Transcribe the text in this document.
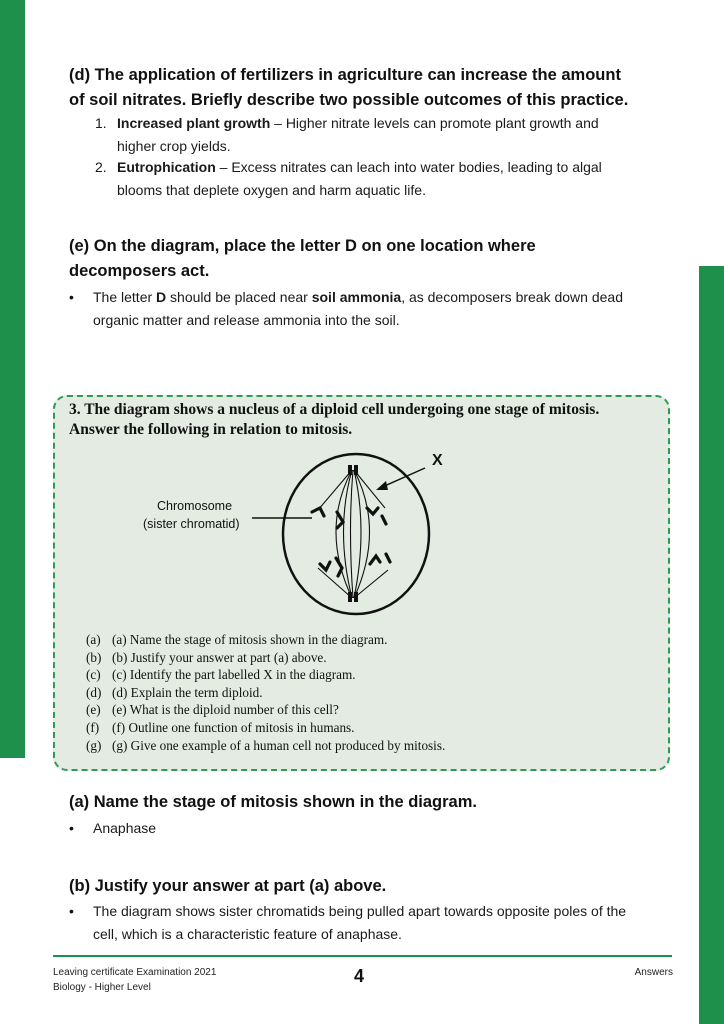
(d) The application of fertilizers in agriculture can increase the amount
of soil nitrates. Briefly describe two possible outcomes of this practice.
1. Increased plant growth – Higher nitrate levels can promote plant growth and
higher crop yields.
2. Eutrophication – Excess nitrates can leach into water bodies, leading to algal
blooms that deplete oxygen and harm aquatic life.
(e) On the diagram, place the letter D on one location where
decomposers act.
• The letter D should be placed near soil ammonia, as decomposers break down dead
organic matter and release ammonia into the soil.
3. The diagram shows a nucleus of a diploid cell undergoing one stage of mitosis.
Answer the following in relation to mitosis.
Chromosome
(sister chromatid)
X
(a) (a) Name the stage of mitosis shown in the diagram.
(b) (b) Justify your answer at part (a) above.
(c) (c) Identify the part labelled X in the diagram.
(d) (d) Explain the term diploid.
(e) (e) What is the diploid number of this cell?
(f) (f) Outline one function of mitosis in humans.
(g) (g) Give one example of a human cell not produced by mitosis.
(a) Name the stage of mitosis shown in the diagram.
• Anaphase
(b) Justify your answer at part (a) above.
• The diagram shows sister chromatids being pulled apart towards opposite poles of the
cell, which is a characteristic feature of anaphase.
Leaving certificate Examination 2021
Biology - Higher Level
4	Answers
